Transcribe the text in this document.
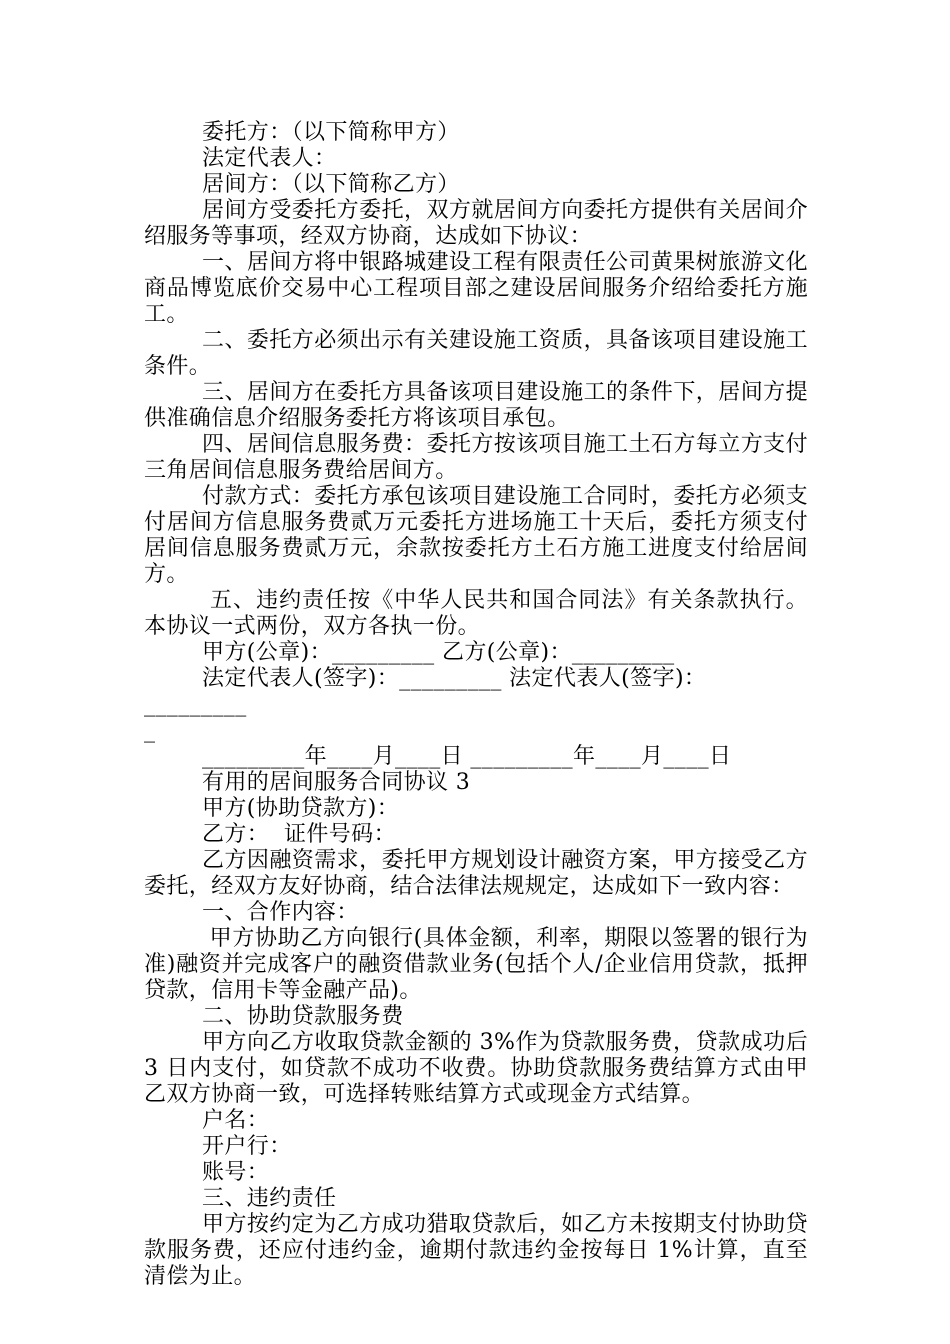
委托方：（以下简称甲方）

法定代表人：

居间方：（以下简称乙方）

居间方受委托方委托，双方就居间方向委托方提供有关居间介绍服务等事项，经双方协商，达成如下协议：

一、居间方将中银路城建设工程有限责任公司黄果树旅游文化商品博览底价交易中心工程项目部之建设居间服务介绍给委托方施工。

二、委托方必须出示有关建设施工资质，具备该项目建设施工条件。

三、居间方在委托方具备该项目建设施工的条件下，居间方提供准确信息介绍服务委托方将该项目承包。

四、居间信息服务费：委托方按该项目施工土石方每立方支付三角居间信息服务费给居间方。

付款方式：委托方承包该项目建设施工合同时，委托方必须支付居间方信息服务费贰万元委托方进场施工十天后，委托方须支付居间信息服务费贰万元，余款按委托方土石方施工进度支付给居间方。

五、违约责任按《中华人民共和国合同法》有关条款执行。本协议一式两份，双方各执一份。

甲方(公章)：_________ 乙方(公章)：_________

法定代表人(签字)：_________ 法定代表人(签字)：_________

_

_________年____月____日 _________年____月____日

有用的居间服务合同协议 3

甲方(协助贷款方)：

乙方：  证件号码：

乙方因融资需求，委托甲方规划设计融资方案，甲方接受乙方委托，经双方友好协商，结合法律法规规定，达成如下一致内容：

一、合作内容：

甲方协助乙方向银行(具体金额，利率，期限以签署的银行为准)融资并完成客户的融资借款业务(包括个人/企业信用贷款，抵押贷款，信用卡等金融产品)。

二、协助贷款服务费

甲方向乙方收取贷款金额的 3%作为贷款服务费，贷款成功后 3 日内支付，如贷款不成功不收费。协助贷款服务费结算方式由甲乙双方协商一致，可选择转账结算方式或现金方式结算。

户名：

开户行：

账号：

三、违约责任

甲方按约定为乙方成功猎取贷款后，如乙方未按期支付协助贷款服务费，还应付违约金，逾期付款违约金按每日 1%计算，直至清偿为止。
